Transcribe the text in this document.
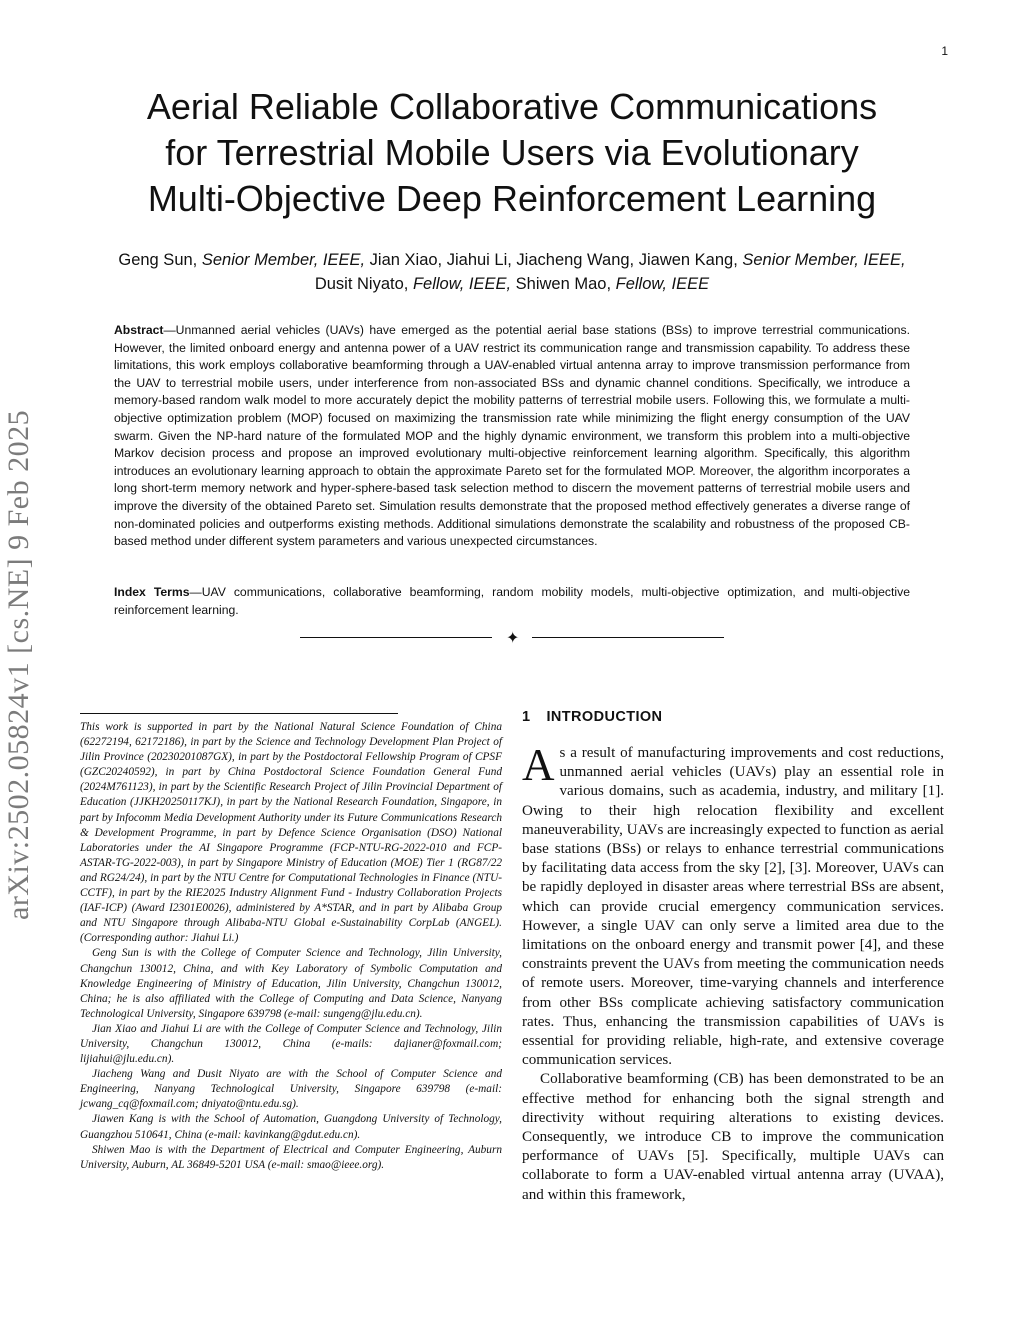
1
arXiv:2502.05824v1 [cs.NE] 9 Feb 2025
Aerial Reliable Collaborative Communications
for Terrestrial Mobile Users via Evolutionary
Multi-Objective Deep Reinforcement Learning
Geng Sun, Senior Member, IEEE, Jian Xiao, Jiahui Li, Jiacheng Wang, Jiawen Kang, Senior Member, IEEE, Dusit Niyato, Fellow, IEEE, Shiwen Mao, Fellow, IEEE

Abstract—Unmanned aerial vehicles (UAVs) have emerged as the potential aerial base stations (BSs) to improve terrestrial communications. However, the limited onboard energy and antenna power of a UAV restrict its communication range and transmission capability. To address these limitations, this work employs collaborative beamforming through a UAV-enabled virtual antenna array to improve transmission performance from the UAV to terrestrial mobile users, under interference from non-associated BSs and dynamic channel conditions. Specifically, we introduce a memory-based random walk model to more accurately depict the mobility patterns of terrestrial mobile users. Following this, we formulate a multi-objective optimization problem (MOP) focused on maximizing the transmission rate while minimizing the flight energy consumption of the UAV swarm. Given the NP-hard nature of the formulated MOP and the highly dynamic environment, we transform this problem into a multi-objective Markov decision process and propose an improved evolutionary multi-objective reinforcement learning algorithm. Specifically, this algorithm introduces an evolutionary learning approach to obtain the approximate Pareto set for the formulated MOP. Moreover, the algorithm incorporates a long short-term memory network and hyper-sphere-based task selection method to discern the movement patterns of terrestrial mobile users and improve the diversity of the obtained Pareto set. Simulation results demonstrate that the proposed method effectively generates a diverse range of non-dominated policies and outperforms existing methods. Additional simulations demonstrate the scalability and robustness of the proposed CB-based method under different system parameters and various unexpected circumstances.

Index Terms—UAV communications, collaborative beamforming, random mobility models, multi-objective optimization, and multi-objective reinforcement learning.

✦

This work is supported in part by the National Natural Science Foundation of China (62272194, 62172186), in part by the Science and Technology Development Plan Project of Jilin Province (20230201087GX), in part by the Postdoctoral Fellowship Program of CPSF (GZC20240592), in part by China Postdoctoral Science Foundation General Fund (2024M761123), in part by the Scientific Research Project of Jilin Provincial Department of Education (JJKH20250117KJ), in part by the National Research Foundation, Singapore, in part by Infocomm Media Development Authority under its Future Communications Research & Development Programme, in part by Defence Science Organisation (DSO) National Laboratories under the AI Singapore Programme (FCP-NTU-RG-2022-010 and FCP-ASTAR-TG-2022-003), in part by Singapore Ministry of Education (MOE) Tier 1 (RG87/22 and RG24/24), in part by the NTU Centre for Computational Technologies in Finance (NTU-CCTF), in part by the RIE2025 Industry Alignment Fund - Industry Collaboration Projects (IAF-ICP) (Award I2301E0026), administered by A*STAR, and in part by Alibaba Group and NTU Singapore through Alibaba-NTU Global e-Sustainability CorpLab (ANGEL). (Corresponding author: Jiahui Li.)

Geng Sun is with the College of Computer Science and Technology, Jilin University, Changchun 130012, China, and with Key Laboratory of Symbolic Computation and Knowledge Engineering of Ministry of Education, Jilin University, Changchun 130012, China; he is also affiliated with the College of Computing and Data Science, Nanyang Technological University, Singapore 639798 (e-mail: sungeng@jlu.edu.cn).

Jian Xiao and Jiahui Li are with the College of Computer Science and Technology, Jilin University, Changchun 130012, China (e-mails: dajianer@foxmail.com; lijiahui@jlu.edu.cn).

Jiacheng Wang and Dusit Niyato are with the School of Computer Science and Engineering, Nanyang Technological University, Singapore 639798 (e-mail: jcwang_cq@foxmail.com; dniyato@ntu.edu.sg).

Jiawen Kang is with the School of Automation, Guangdong University of Technology, Guangzhou 510641, China (e-mail: kavinkang@gdut.edu.cn).

Shiwen Mao is with the Department of Electrical and Computer Engineering, Auburn University, Auburn, AL 36849-5201 USA (e-mail: smao@ieee.org).

1 INTRODUCTION

As a result of manufacturing improvements and cost reductions, unmanned aerial vehicles (UAVs) play an essential role in various domains, such as academia, industry, and military [1]. Owing to their high relocation flexibility and excellent maneuverability, UAVs are increasingly expected to function as aerial base stations (BSs) or relays to enhance terrestrial communications by facilitating data access from the sky [2], [3]. Moreover, UAVs can be rapidly deployed in disaster areas where terrestrial BSs are absent, which can provide crucial emergency communication services. However, a single UAV can only serve a limited area due to the limitations on the onboard energy and transmit power [4], and these constraints prevent the UAVs from meeting the communication needs of remote users. Moreover, time-varying channels and interference from other BSs complicate achieving satisfactory communication rates. Thus, enhancing the transmission capabilities of UAVs is essential for providing reliable, high-rate, and extensive coverage communication services.

Collaborative beamforming (CB) has been demonstrated to be an effective method for enhancing both the signal strength and directivity without requiring alterations to existing devices. Consequently, we introduce CB to improve the communication performance of UAVs [5]. Specifically, multiple UAVs can collaborate to form a UAV-enabled virtual antenna array (UVAA), and within this framework,
